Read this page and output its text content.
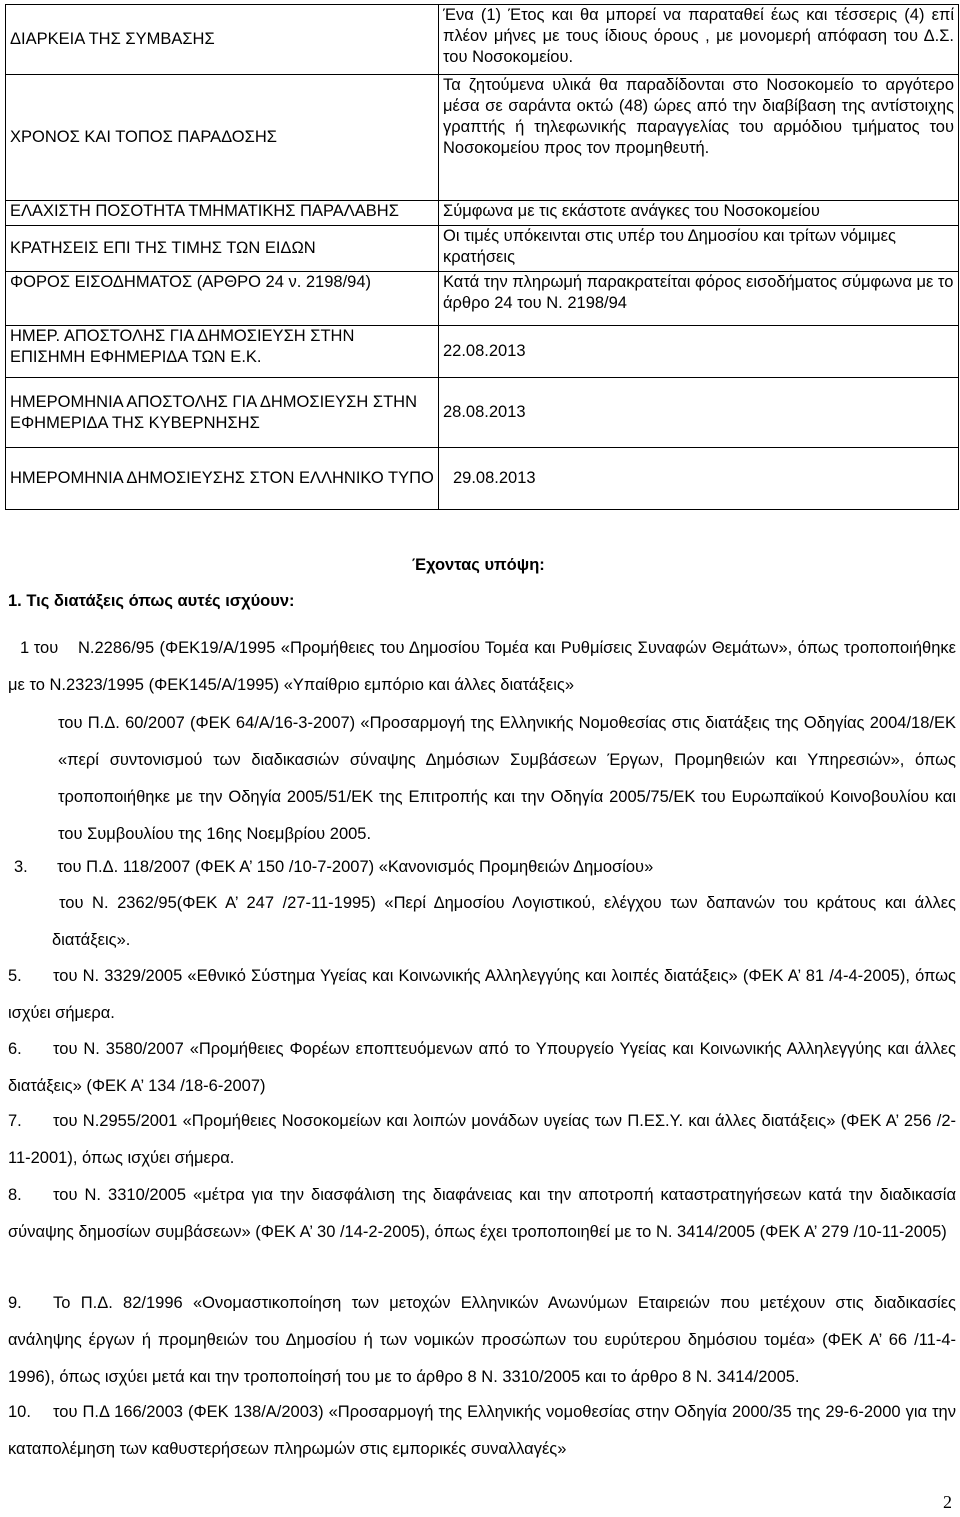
ΔΙΑΡΚΕΙΑ ΤΗΣ ΣΥΜΒΑΣΗΣ	Ένα (1) Έτος και θα μπορεί να παραταθεί έως και τέσσερις (4) επί πλέον μήνες με τους ίδιους όρους , με μονομερή απόφαση του Δ.Σ. του Νοσοκομείου.
ΧΡΟΝΟΣ ΚΑΙ ΤΟΠΟΣ ΠΑΡΑΔΟΣΗΣ	Τα ζητούμενα υλικά θα παραδίδονται στο Νοσοκομείο το αργότερο μέσα σε σαράντα οκτώ (48) ώρες από την διαβίβαση της αντίστοιχης γραπτής ή τηλεφωνικής παραγγελίας του αρμόδιου τμήματος του Νοσοκομείου προς τον προμηθευτή.
ΕΛΑΧΙΣΤΗ ΠΟΣΟΤΗΤΑ ΤΜΗΜΑΤΙΚΗΣ ΠΑΡΑΛΑΒΗΣ	Σύμφωνα με τις εκάστοτε ανάγκες του Νοσοκομείου
ΚΡΑΤΗΣΕΙΣ ΕΠΙ ΤΗΣ ΤΙΜΗΣ ΤΩΝ ΕΙΔΩΝ	Οι τιμές υπόκεινται στις υπέρ του Δημοσίου και τρίτων νόμιμες κρατήσεις
ΦΟΡΟΣ ΕΙΣΟΔΗΜΑΤΟΣ (ΑΡΘΡΟ 24 ν. 2198/94)	Κατά την πληρωμή παρακρατείται φόρος εισοδήματος σύμφωνα με το άρθρο 24 του Ν. 2198/94
ΗΜΕΡ. ΑΠΟΣΤΟΛΗΣ ΓΙΑ ΔΗΜΟΣΙΕΥΣΗ ΣΤΗΝ ΕΠΙΣΗΜΗ ΕΦΗΜΕΡΙΔΑ ΤΩΝ Ε.Κ.	22.08.2013
ΗΜΕΡΟΜΗΝΙΑ ΑΠΟΣΤΟΛΗΣ ΓΙΑ ΔΗΜΟΣΙΕΥΣΗ ΣΤΗΝ ΕΦΗΜΕΡΙΔΑ ΤΗΣ ΚΥΒΕΡΝΗΣΗΣ	28.08.2013
ΗΜΕΡΟΜΗΝΙΑ ΔΗΜΟΣΙΕΥΣΗΣ ΣΤΟΝ ΕΛΛΗΝΙΚΟ ΤΥΠΟ	29.08.2013
Έχοντας υπόψη:
1. Τις διατάξεις όπως αυτές ισχύουν:
1 του Ν.2286/95 (ΦΕΚ19/Α/1995 «Προμήθειες του Δημοσίου Τομέα και Ρυθμίσεις Συναφών Θεμάτων», όπως τροποποιήθηκε με το Ν.2323/1995 (ΦΕΚ145/Α/1995) «Υπαίθριο εμπόριο και άλλες διατάξεις»
του Π.Δ. 60/2007 (ΦΕΚ 64/Α/16-3-2007) «Προσαρμογή της Ελληνικής Νομοθεσίας στις διατάξεις της Οδηγίας 2004/18/ΕΚ «περί συντονισμού των διαδικασιών σύναψης Δημόσιων Συμβάσεων Έργων, Προμηθειών και Υπηρεσιών», όπως τροποποιήθηκε με την Οδηγία 2005/51/ΕΚ της Επιτροπής και την Οδηγία 2005/75/ΕΚ του Ευρωπαϊκού Κοινοβουλίου και του Συμβουλίου της 16ης Νοεμβρίου 2005.
3. του Π.Δ. 118/2007 (ΦΕΚ Α’ 150 /10-7-2007) «Κανονισμός Προμηθειών Δημοσίου»
του Ν. 2362/95(ΦΕΚ Α’ 247 /27-11-1995) «Περί Δημοσίου Λογιστικού, ελέγχου των δαπανών του κράτους και άλλες διατάξεις».
5. του Ν. 3329/2005 «Εθνικό Σύστημα Υγείας και Κοινωνικής Αλληλεγγύης και λοιπές διατάξεις» (ΦΕΚ Α’ 81 /4-4-2005), όπως ισχύει σήμερα.
6. του Ν. 3580/2007 «Προμήθειες Φορέων εποπτευόμενων από το Υπουργείο Υγείας και Κοινωνικής Αλληλεγγύης και άλλες διατάξεις» (ΦΕΚ Α’ 134 /18-6-2007)
7. του Ν.2955/2001 «Προμήθειες Νοσοκομείων και λοιπών μονάδων υγείας των Π.ΕΣ.Υ. και άλλες διατάξεις» (ΦΕΚ Α’ 256 /2-11-2001), όπως ισχύει σήμερα.
8. του Ν. 3310/2005 «μέτρα για την διασφάλιση της διαφάνειας και την αποτροπή καταστρατηγήσεων κατά την διαδικασία σύναψης δημοσίων συμβάσεων» (ΦΕΚ Α’ 30 /14-2-2005), όπως έχει τροποποιηθεί με το Ν. 3414/2005 (ΦΕΚ Α’ 279 /10-11-2005)
9. Το Π.Δ. 82/1996 «Ονομαστικοποίηση των μετοχών Ελληνικών Ανωνύμων Εταιρειών που μετέχουν στις διαδικασίες ανάληψης έργων ή προμηθειών του Δημοσίου ή των νομικών προσώπων του ευρύτερου δημόσιου τομέα» (ΦΕΚ Α’ 66 /11-4-1996), όπως ισχύει μετά και την τροποποίησή του με το άρθρο 8 Ν. 3310/2005 και το άρθρο 8 Ν. 3414/2005.
10. του Π.Δ 166/2003 (ΦΕΚ 138/Α/2003) «Προσαρμογή της Ελληνικής νομοθεσίας στην Οδηγία 2000/35 της 29-6-2000 για την καταπολέμηση των καθυστερήσεων πληρωμών στις εμπορικές συναλλαγές»
2
